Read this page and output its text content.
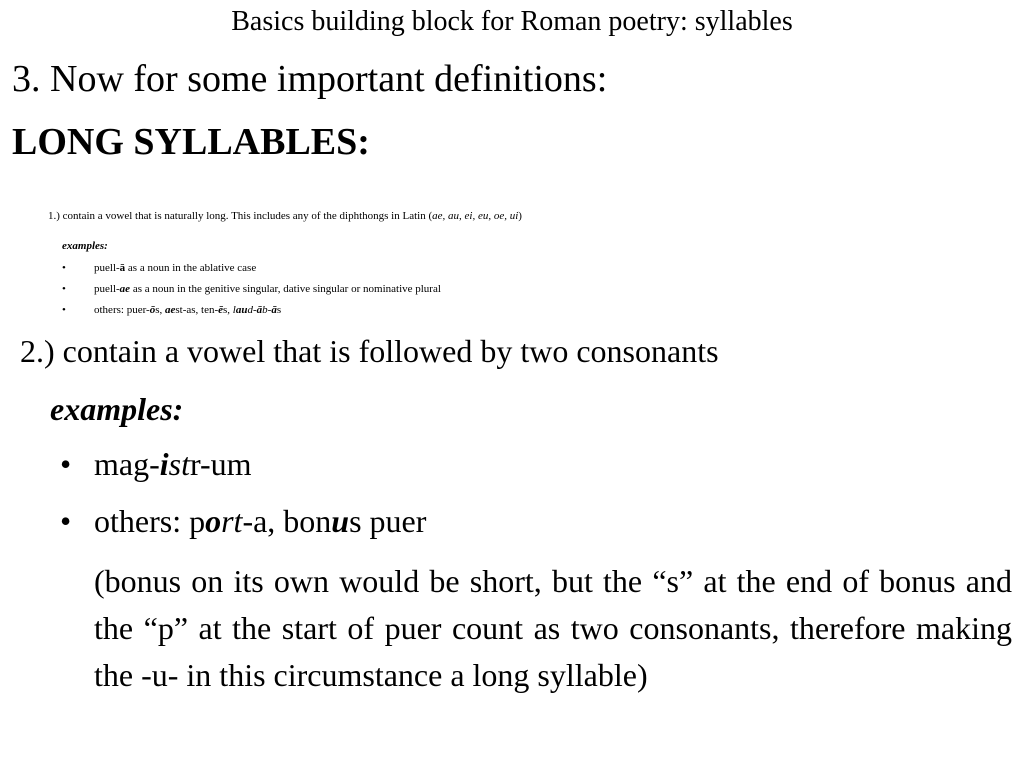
Basics building block for Roman poetry: syllables
3. Now for some important definitions:
LONG SYLLABLES:
1.) contain a vowel that is naturally long. This includes any of the diphthongs in Latin (ae, au, ei, eu, oe, ui)
examples:
•	puell-ā as a noun in the ablative case
•	puell-ae as a noun in the genitive singular, dative singular or nominative plural
•	others: puer-ōs, aest-as, ten-ēs, laud-āb-ās
2.) contain a vowel that is followed by two consonants
examples:
• mag-istr-um
• others: port-a, bonus puer
(bonus on its own would be short, but the “s” at the end of bonus and the “p” at the start of puer count as two consonants, therefore making the -u- in this circumstance a long syllable)
